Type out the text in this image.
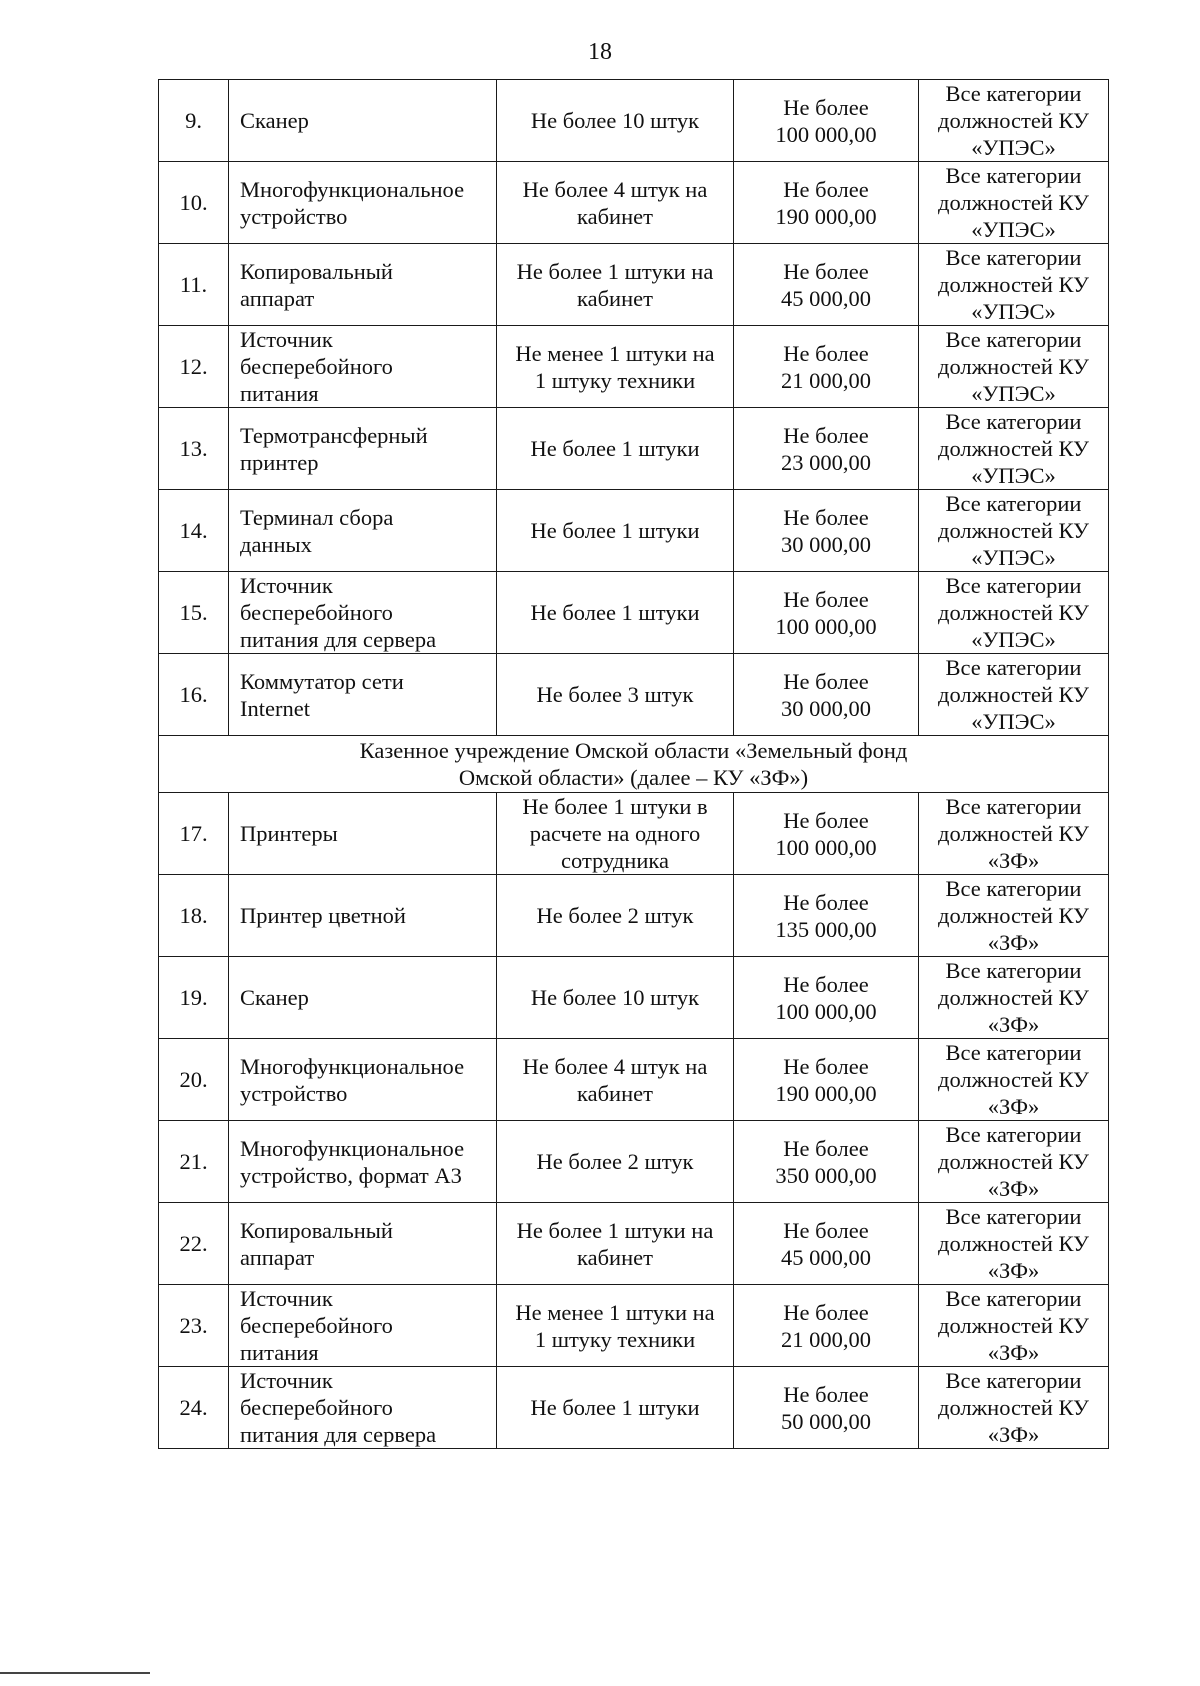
18
9.	Сканер	Не более 10 штук	Не более
100 000,00	Все категории
должностей КУ
«УПЭС»

10.	Многофункциональное
устройство	Не более 4 штук на
кабинет	Не более
190 000,00	Все категории
должностей КУ
«УПЭС»

11.	Копировальный
аппарат	Не более 1 штуки на
кабинет	Не более
45 000,00	Все категории
должностей КУ
«УПЭС»

12.	Источник
бесперебойного
питания	Не менее 1 штуки на
1 штуку техники	Не более
21 000,00	Все категории
должностей КУ
«УПЭС»

13.	Термотрансферный
принтер	Не более 1 штуки	Не более
23 000,00	Все категории
должностей КУ
«УПЭС»

14.	Терминал сбора
данных	Не более 1 штуки	Не более
30 000,00	Все категории
должностей КУ
«УПЭС»

15.	Источник
бесперебойного
питания для сервера	Не более 1 штуки	Не более
100 000,00	Все категории
должностей КУ
«УПЭС»

16.	Коммутатор сети
Internet	Не более 3 штук	Не более
30 000,00	Все категории
должностей КУ
«УПЭС»

Казенное учреждение Омской области «Земельный фонд
Омской области» (далее – КУ «ЗФ»)				

17.	Принтеры	Не более 1 штуки в
расчете на одного
сотрудника	Не более
100 000,00	Все категории
должностей КУ
«ЗФ»

18.	Принтер цветной	Не более 2 штук	Не более
135 000,00	Все категории
должностей КУ
«ЗФ»

19.	Сканер	Не более 10 штук	Не более
100 000,00	Все категории
должностей КУ
«ЗФ»

20.	Многофункциональное
устройство	Не более 4 штук на
кабинет	Не более
190 000,00	Все категории
должностей КУ
«ЗФ»

21.	Многофункциональное
устройство, формат А3	Не более 2 штук	Не более
350 000,00	Все категории
должностей КУ
«ЗФ»

22.	Копировальный
аппарат	Не более 1 штуки на
кабинет	Не более
45 000,00	Все категории
должностей КУ
«ЗФ»

23.	Источник
бесперебойного
питания	Не менее 1 штуки на
1 штуку техники	Не более
21 000,00	Все категории
должностей КУ
«ЗФ»

24.	Источник
бесперебойного
питания для сервера	Не более 1 штуки	Не более
50 000,00	Все категории
должностей КУ
«ЗФ»
